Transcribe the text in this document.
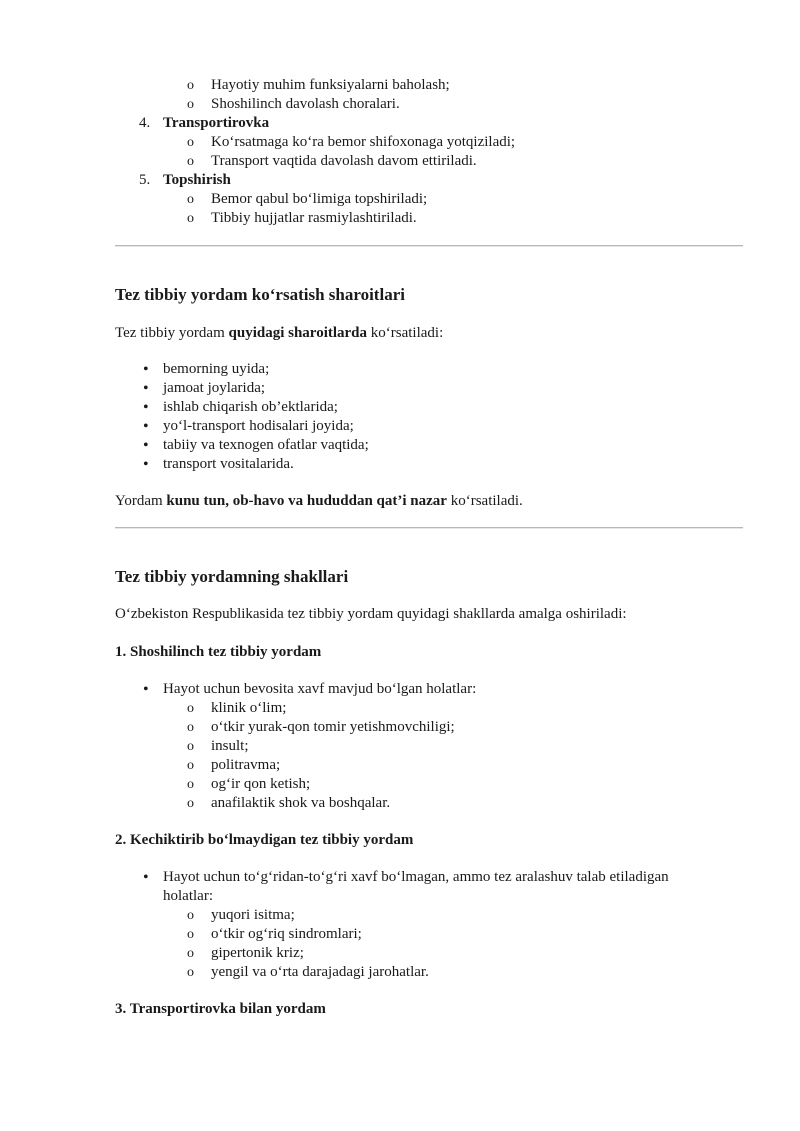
o Hayotiy muhim funksiyalarni baholash;
o Shoshilinch davolash choralari.
4. Transportirovka
o Ko‘rsatmaga ko‘ra bemor shifoxonaga yotqiziladi;
o Transport vaqtida davolash davom ettiriladi.
5. Topshirish
o Bemor qabul bo‘limiga topshiriladi;
o Tibbiy hujjatlar rasmiylashtiriladi.
Tez tibbiy yordam ko‘rsatish sharoitlari
Tez tibbiy yordam quyidagi sharoitlarda ko‘rsatiladi:
• bemorning uyida;
• jamoat joylarida;
• ishlab chiqarish ob’ektlarida;
• yo‘l-transport hodisalari joyida;
• tabiiy va texnogen ofatlar vaqtida;
• transport vositalarida.
Yordam kunu tun, ob-havo va hududdan qat’i nazar ko‘rsatiladi.
Tez tibbiy yordamning shakllari
O‘zbekiston Respublikasida tez tibbiy yordam quyidagi shakllarda amalga oshiriladi:
1. Shoshilinch tez tibbiy yordam
• Hayot uchun bevosita xavf mavjud bo‘lgan holatlar:
o klinik o‘lim;
o o‘tkir yurak-qon tomir yetishmovchiligi;
o insult;
o politravma;
o og‘ir qon ketish;
o anafilaktik shok va boshqalar.
2. Kechiktirib bo‘lmaydigan tez tibbiy yordam
• Hayot uchun to‘g‘ridan-to‘g‘ri xavf bo‘lmagan, ammo tez aralashuv talab etiladigan
holatlar:
o yuqori isitma;
o o‘tkir og‘riq sindromlari;
o gipertonik kriz;
o yengil va o‘rta darajadagi jarohatlar.
3. Transportirovka bilan yordam
